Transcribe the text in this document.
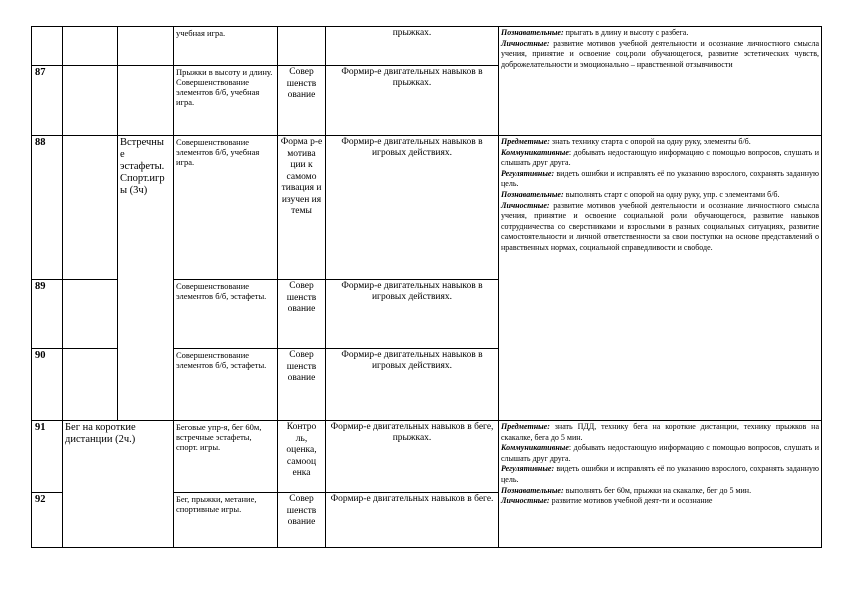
			учебная игра.		прыжках.	Познавательные: прыгать в длину и высоту с разбега.

Личностные: развитие мотивов учебной деятельности и осознание личностного смысла учения, принятие и освоение соц.роли обучающегося, развитие эстетических чувств, доброжелательности и эмоционально – нравственной отзывчивости

87			Прыжки в высоту и длину. Совершенствование элементов б/б, учебная игра.	Совер шенств ование	Формир-е двигательных навыков в прыжках.	
88		Встречны е эстафеты. Спорт.игр ы (3ч)	Совершенствование элементов б/б, учебная игра.	Форма р-е мотива ции к самомо тивация и изучен ия темы	Формир-е двигательных навыков в игровых действиях.	Предметные: знать технику старта с опорой на одну руку, элементы б/б.

Коммуникативные: добывать недостающую информацию с помощью вопросов, слушать и слышать друг друга.

Регулятивные: видеть ошибки и исправлять её по указанию взрослого, сохранять заданную цель.

Познавательные: выполнять старт с опорой на одну руку, упр. с элементами б/б.

Личностные: развитие мотивов учебной деятельности и осознание личностного смысла учения, принятие и освоение социальной роли обучающегося, развитие навыков сотрудничества со сверстниками и взрослыми в разных социальных ситуациях, развитие самостоятельности и личной ответственности за свои поступки на основе представлений о нравственных нормах, социальной справедливости и свободе.

89			Совершенствование элементов б/б, эстафеты.	Совер шенств ование	Формир-е двигательных навыков в игровых действиях.	
90			Совершенствование элементов б/б, эстафеты.	Совер шенств ование	Формир-е двигательных навыков в игровых действиях.	
91	Бег на короткие дистанции (2ч.)		Беговые упр-я, бег 60м, встречные эстафеты, спорт. игры.	Контро ль, оценка, самооц енка	Формир-е двигательных навыков в беге, прыжках.	Предметные: знать ПДД, технику бега на короткие дистанции, технику прыжков на скакалке, бега до 5 мин.

Коммуникативные: добывать недостающую информацию с помощью вопросов, слушать и слышать друг друга.

Регулятивные: видеть ошибки и исправлять её по указанию взрослого, сохранять заданную цель.

Познавательные: выполнять бег 60м, прыжки на скакалке, бег до 5 мин.

Личностные: развитие мотивов учебной деят-ти и осознание

92			Бег, прыжки, метание, спортивные игры.	Совер шенств ование	Формир-е двигательных навыков в беге.	
